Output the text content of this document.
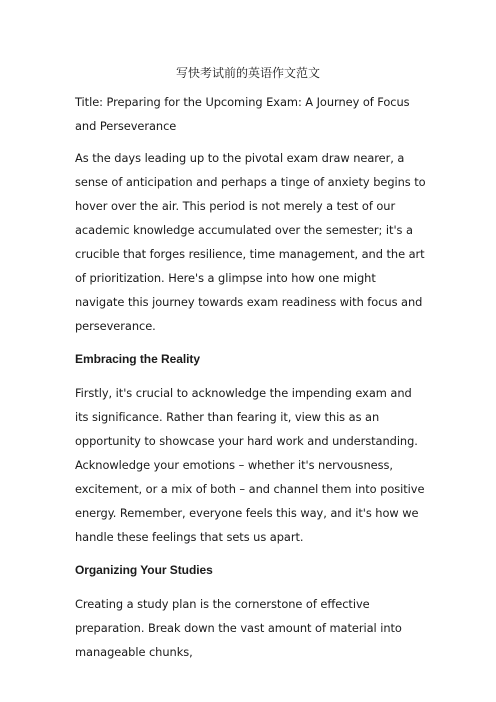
写快考试前的英语作文范文

Title: Preparing for the Upcoming Exam: A Journey of Focus and Perseverance

As the days leading up to the pivotal exam draw nearer, a sense of anticipation and perhaps a tinge of anxiety begins to hover over the air. This period is not merely a test of our academic knowledge accumulated over the semester; it's a crucible that forges resilience, time management, and the art of prioritization. Here's a glimpse into how one might navigate this journey towards exam readiness with focus and perseverance.

Embracing the Reality

Firstly, it's crucial to acknowledge the impending exam and its significance. Rather than fearing it, view this as an opportunity to showcase your hard work and understanding. Acknowledge your emotions – whether it's nervousness, excitement, or a mix of both – and channel them into positive energy. Remember, everyone feels this way, and it's how we handle these feelings that sets us apart.

Organizing Your Studies

Creating a study plan is the cornerstone of effective preparation. Break down the vast amount of material into manageable chunks,
